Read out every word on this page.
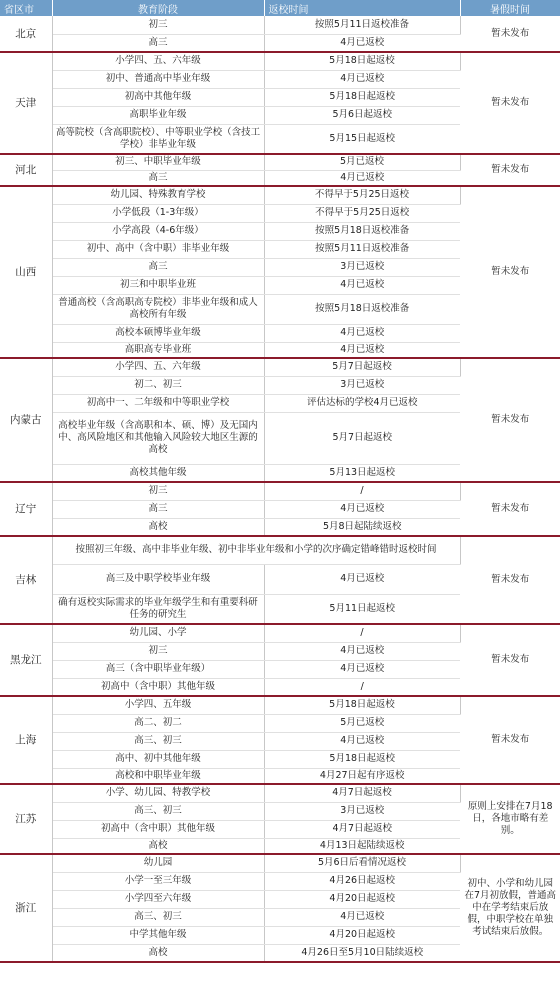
省区市	教育阶段	返校时间	暑假时间
北京	初三	按照5月11日返校准备	暂未发布
	高三	4月已返校	
天津	小学四、五、六年级	5月18日起返校	暂未发布
	初中、普通高中毕业年级	4月已返校	
	初高中其他年级	5月18日起返校	
	高职毕业年级	5月6日起返校	
	高等院校（含高职院校）、中等职业学校（含技工学校）非毕业年级	5月15日起返校	
河北	初三、中职毕业年级	5月已返校	暂未发布
	高三	4月已返校	
山西	幼儿园、特殊教育学校	不得早于5月25日返校	暂未发布
	小学低段（1-3年级）	不得早于5月25日返校	
	小学高段（4-6年级）	按照5月18日返校准备	
	初中、高中（含中职）非毕业年级	按照5月11日返校准备	
	高三	3月已返校	
	初三和中职毕业班	4月已返校	
	普通高校（含高职高专院校）非毕业年级和成人高校所有年级	按照5月18日返校准备	
	高校本硕博毕业年级	4月已返校	
	高职高专毕业班	4月已返校	
内蒙古	小学四、五、六年级	5月7日起返校	暂未发布
	初二、初三	3月已返校	
	初高中一、二年级和中等职业学校	评估达标的学校4月已返校	
	高校毕业年级（含高职和本、硕、博）及无国内中、高风险地区和其他输入风险较大地区生源的高校	5月7日起返校	
	高校其他年级	5月13日起返校	
辽宁	初三	/	暂未发布
	高三	4月已返校	
	高校	5月8日起陆续返校	
吉林	按照初三年级、高中非毕业年级、初中非毕业年级和小学的次序确定错峰错时返校时间		暂未发布
	高三及中职学校毕业年级	4月已返校	
	确有返校实际需求的毕业年级学生和有重要科研任务的研究生	5月11日起返校	
黑龙江	幼儿园、小学	/	暂未发布
	初三	4月已返校	
	高三（含中职毕业年级）	4月已返校	
	初高中（含中职）其他年级	/	
上海	小学四、五年级	5月18日起返校	暂未发布
	高二、初二	5月已返校	
	高三、初三	4月已返校	
	高中、初中其他年级	5月18日起返校	
	高校和中职毕业年级	4月27日起有序返校	
江苏	小学、幼儿园、特教学校	4月7日起返校	原则上安排在7月18日，各地市略有差别。
	高三、初三	3月已返校	
	初高中（含中职）其他年级	4月7日起返校	
	高校	4月13日起陆续返校	
浙江	幼儿园	5月6日后看情况返校	初中、小学和幼儿园在7月初放假，普通高中在学考结束后放假，中职学校在单独考试结束后放假。
	小学一至三年级	4月26日起返校	
	小学四至六年级	4月20日起返校	
	高三、初三	4月已返校	
	中学其他年级	4月20日起返校	
	高校	4月26日至5月10日陆续返校	
